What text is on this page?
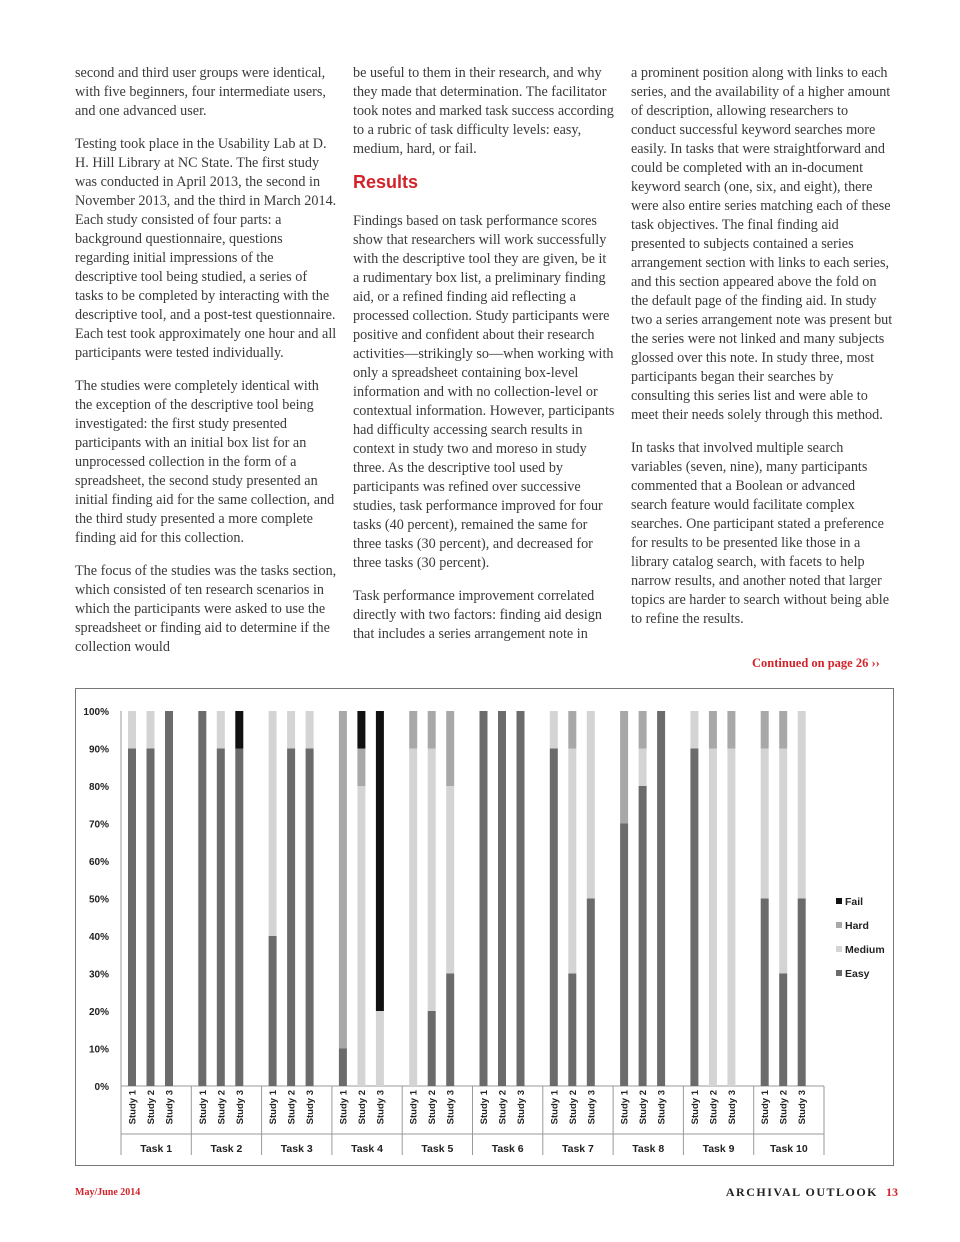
second and third user groups were identical, with five beginners, four intermediate users, and one advanced user.

Testing took place in the Usability Lab at D. H. Hill Library at NC State. The first study was conducted in April 2013, the second in November 2013, and the third in March 2014. Each study consisted of four parts: a background questionnaire, questions regarding initial impressions of the descriptive tool being studied, a series of tasks to be completed by interacting with the descriptive tool, and a post-test questionnaire. Each test took approximately one hour and all participants were tested individually.

The studies were completely identical with the exception of the descriptive tool being investigated: the first study presented participants with an initial box list for an unprocessed collection in the form of a spreadsheet, the second study presented an initial finding aid for the same collection, and the third study presented a more complete finding aid for this collection.

The focus of the studies was the tasks section, which consisted of ten research scenarios in which the participants were asked to use the spreadsheet or finding aid to determine if the collection would

be useful to them in their research, and why they made that determination. The facilitator took notes and marked task success according to a rubric of task difficulty levels: easy, medium, hard, or fail.

Results

Findings based on task performance scores show that researchers will work successfully with the descriptive tool they are given, be it a rudimentary box list, a preliminary finding aid, or a refined finding aid reflecting a processed collection. Study participants were positive and confident about their research activities—strikingly so—when working with only a spreadsheet containing box-level information and with no collection-level or contextual information. However, participants had difficulty accessing search results in context in study two and moreso in study three. As the descriptive tool used by participants was refined over successive studies, task performance improved for four tasks (40 percent), remained the same for three tasks (30 percent), and decreased for three tasks (30 percent).

Task performance improvement correlated directly with two factors: finding aid design that includes a series arrangement note in

a prominent position along with links to each series, and the availability of a higher amount of description, allowing researchers to conduct successful keyword searches more easily. In tasks that were straightforward and could be completed with an in-document keyword search (one, six, and eight), there were also entire series matching each of these task objectives. The final finding aid presented to subjects contained a series arrangement section with links to each series, and this section appeared above the fold on the default page of the finding aid. In study two a series arrangement note was present but the series were not linked and many subjects glossed over this note. In study three, most participants began their searches by consulting this series list and were able to meet their needs solely through this method.

In tasks that involved multiple search variables (seven, nine), many participants commented that a Boolean or advanced search feature would facilitate complex searches. One participant stated a preference for results to be presented like those in a library catalog search, with facets to help narrow results, and another noted that larger topics are harder to search without being able to refine the results.

Continued on page 26 ››
0%
10%
20%
30%
40%
50%
60%
70%
80%
90%
100%
Study 1 Study 2 Study 3
Task 1
Study 1 Study 2 Study 3
Task 2
Study 1 Study 2 Study 3
Task 3
Study 1 Study 2 Study 3
Task 4
Study 1 Study 2 Study 3
Task 5
Study 1 Study 2 Study 3
Task 6
Study 1 Study 2 Study 3
Task 7
Study 1 Study 2 Study 3
Task 8
Study 1 Study 2 Study 3
Task 9
Study 1 Study 2 Study 3
Task 10
Fail
Hard
Medium
Easy
May/June 2014	ARCHIVAL OUTLOOK 13
